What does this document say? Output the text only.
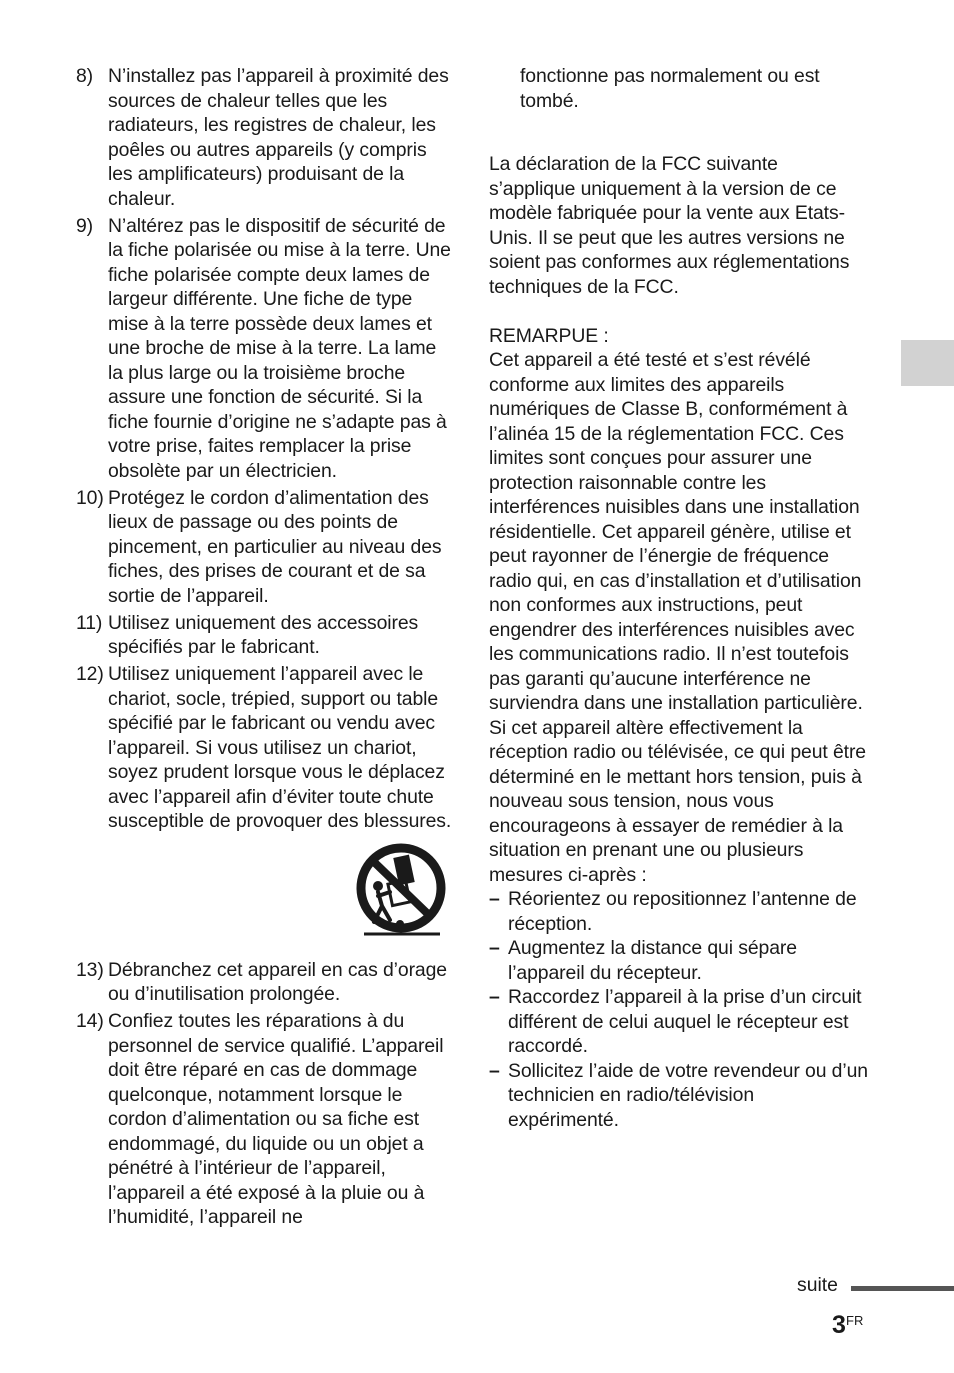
8) N’installez pas l’appareil à proximité des sources de chaleur telles que les radiateurs, les registres de chaleur, les poêles ou autres appareils (y compris les amplificateurs) produisant de la chaleur.
9) N’altérez pas le dispositif de sécurité de la fiche polarisée ou mise à la terre. Une fiche polarisée compte deux lames de largeur différente. Une fiche de type mise à la terre possède deux lames et une broche de mise à la terre. La lame la plus large ou la troisième broche assure une fonction de sécurité. Si la fiche fournie d’origine ne s’adapte pas à votre prise, faites remplacer la prise obsolète par un électricien.
10) Protégez le cordon d’alimentation des lieux de passage ou des points de pincement, en particulier au niveau des fiches, des prises de courant et de sa sortie de l’appareil.
11) Utilisez uniquement des accessoires spécifiés par le fabricant.
12) Utilisez uniquement l’appareil avec le chariot, socle, trépied, support ou table spécifié par le fabricant ou vendu avec l’appareil. Si vous utilisez un chariot, soyez prudent lorsque vous le déplacez avec l’appareil afin d’éviter toute chute susceptible de provoquer des blessures.
13) Débranchez cet appareil en cas d’orage ou d’inutilisation prolongée.
14) Confiez toutes les réparations à du personnel de service qualifié. L’appareil doit être réparé en cas de dommage quelconque, notamment lorsque le cordon d’alimentation ou sa fiche est endommagé, du liquide ou un objet a pénétré à l’intérieur de l’appareil, l’appareil a été exposé à la pluie ou à l’humidité, l’appareil ne
fonctionne pas normalement ou est tombé.

La déclaration de la FCC suivante s’applique uniquement à la version de ce modèle fabriquée pour la vente aux Etats-Unis. Il se peut que les autres versions ne soient pas conformes aux réglementations techniques de la FCC.

REMARPUE :
Cet appareil a été testé et s’est révélé conforme aux limites des appareils numériques de Classe B, conformément à l’alinéa 15 de la réglementation FCC. Ces limites sont conçues pour assurer une protection raisonnable contre les interférences nuisibles dans une installation résidentielle. Cet appareil génère, utilise et peut rayonner de l’énergie de fréquence radio qui, en cas d’installation et d’utilisation non conformes aux instructions, peut engendrer des interférences nuisibles avec les communications radio. Il n’est toutefois pas garanti qu’aucune interférence ne surviendra dans une installation particulière. Si cet appareil altère effectivement la réception radio ou télévisée, ce qui peut être déterminé en le mettant hors tension, puis à nouveau sous tension, nous vous encourageons à essayer de remédier à la situation en prenant une ou plusieurs mesures ci-après :
– Réorientez ou repositionnez l’antenne de réception.
– Augmentez la distance qui sépare l’appareil du récepteur.
– Raccordez l’appareil à la prise d’un circuit différent de celui auquel le récepteur est raccordé.
– Sollicitez l’aide de votre revendeur ou d’un technicien en radio/télévision expérimenté.
suite
3 FR
